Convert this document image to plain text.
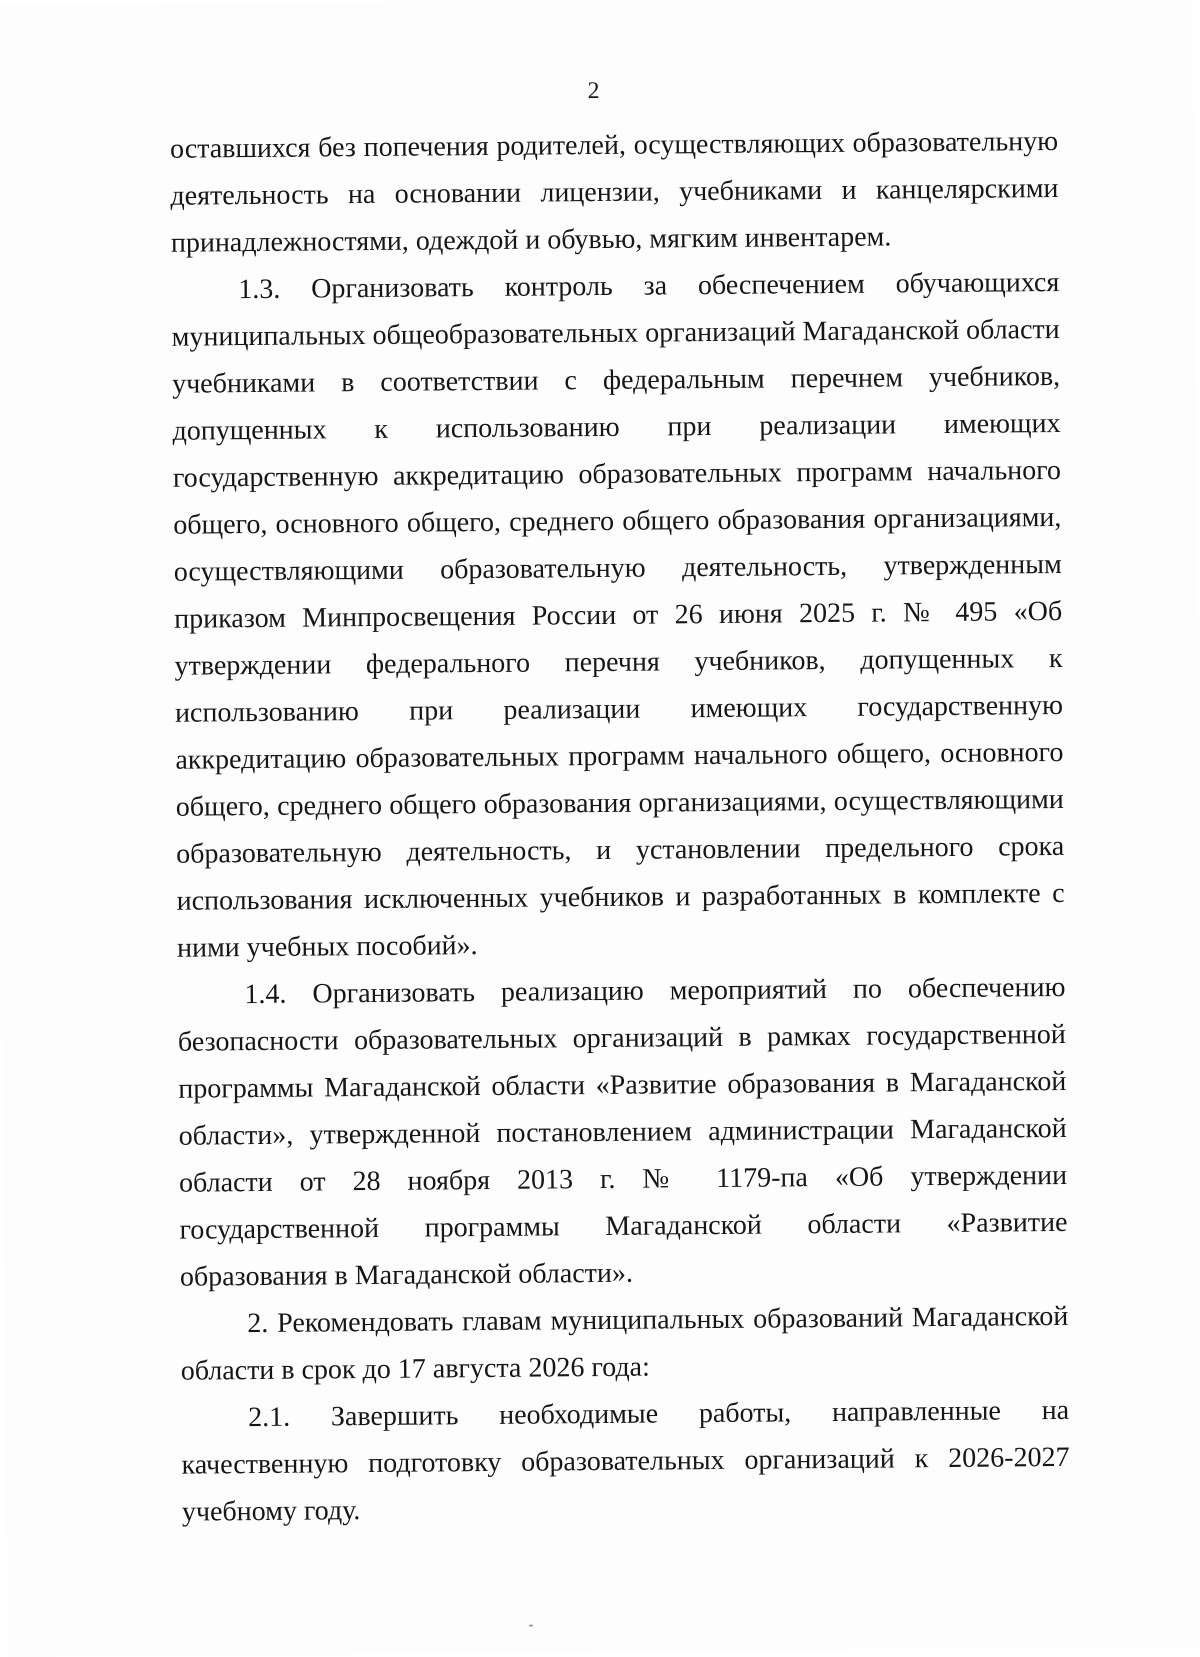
2

оставшихся без попечения родителей, осуществляющих образовательную деятельность на основании лицензии, учебниками и канцелярскими принадлежностями, одеждой и обувью, мягким инвентарем.

1.3. Организовать контроль за обеспечением обучающихся муниципальных общеобразовательных организаций Магаданской области учебниками в соответствии с федеральным перечнем учебников, допущенных к использованию при реализации имеющих государственную аккредитацию образовательных программ начального общего, основного общего, среднего общего образования организациями, осуществляющими образовательную деятельность, утвержденным приказом Минпросвещения России от 26 июня 2025 г. № 495 «Об утверждении федерального перечня учебников, допущенных к использованию при реализации имеющих государственную аккредитацию образовательных программ начального общего, основного общего, среднего общего образования организациями, осуществляющими образовательную деятельность, и установлении предельного срока использования исключенных учебников и разработанных в комплекте с ними учебных пособий».

1.4. Организовать реализацию мероприятий по обеспечению безопасности образовательных организаций в рамках государственной программы Магаданской области «Развитие образования в Магаданской области», утвержденной постановлением администрации Магаданской области от 28 ноября 2013 г. № 1179-па «Об утверждении государственной программы Магаданской области «Развитие образования в Магаданской области».

2. Рекомендовать главам муниципальных образований Магаданской области в срок до 17 августа 2026 года:

2.1. Завершить необходимые работы, направленные на качественную подготовку образовательных организаций к 2026-2027 учебному году.
